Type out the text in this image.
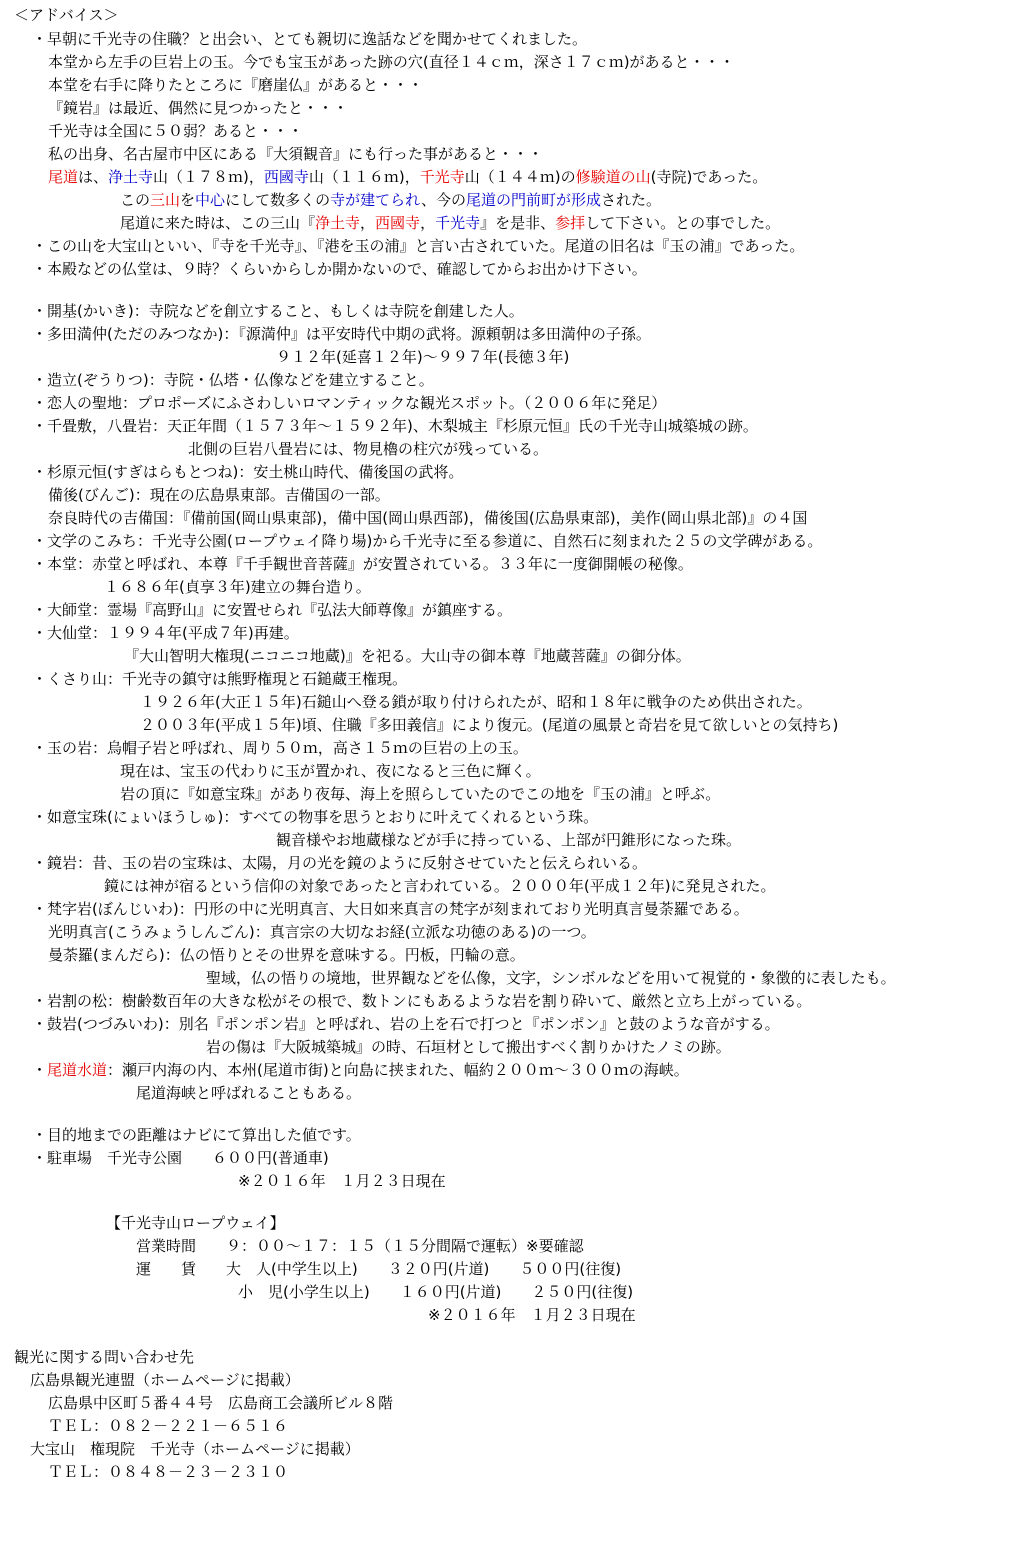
＜アドバイス＞
・早朝に千光寺の住職？と出会い、とても親切に逸話などを聞かせてくれました。
本堂から左手の巨岩上の玉。今でも宝玉があった跡の穴(直径１４ｃｍ，深さ１７ｃｍ)があると・・・
本堂を右手に降りたところに『磨崖仏』があると・・・
『鏡岩』は最近、偶然に見つかったと・・・
千光寺は全国に５０弱？あると・・・
私の出身、名古屋市中区にある『大須観音』にも行った事があると・・・
尾道は、浄土寺山（１７８ｍ)，西國寺山（１１６ｍ)，千光寺山（１４４ｍ)の修験道の山(寺院)であった。
この三山を中心にして数多くの寺が建てられ、今の尾道の門前町が形成された。
尾道に来た時は、この三山『浄土寺，西國寺，千光寺』を是非、参拝して下さい。との事でした。
・この山を大宝山といい、『寺を千光寺』、『港を玉の浦』と言い古されていた。尾道の旧名は『玉の浦』であった。
・本殿などの仏堂は、９時？くらいからしか開かないので、確認してからお出かけ下さい。
・開基(かいき)：寺院などを創立すること、もしくは寺院を創建した人。
・多田満仲(ただのみつなか)：『源満仲』は平安時代中期の武将。源頼朝は多田満仲の子孫。
９１２年(延喜１２年)～９９７年(長徳３年)
・造立(ぞうりつ)：寺院・仏塔・仏像などを建立すること。
・恋人の聖地：プロポーズにふさわしいロマンティックな観光スポット。（２００６年に発足）
・千畳敷，八畳岩：天正年間（１５７３年～１５９２年)、木梨城主『杉原元恒』氏の千光寺山城築城の跡。
北側の巨岩八畳岩には、物見櫓の柱穴が残っている。
・杉原元恒(すぎはらもとつね)：安土桃山時代、備後国の武将。
備後(びんご)：現在の広島県東部。吉備国の一部。
奈良時代の吉備国：『備前国(岡山県東部)，備中国(岡山県西部)，備後国(広島県東部)，美作(岡山県北部)』の４国
・文学のこみち：千光寺公園(ロープウェイ降り場)から千光寺に至る参道に、自然石に刻まれた２５の文学碑がある。
・本堂：赤堂と呼ばれ、本尊『千手観世音菩薩』が安置されている。３３年に一度御開帳の秘像。
１６８６年(貞享３年)建立の舞台造り。
・大師堂：霊場『高野山』に安置せられ『弘法大師尊像』が鎮座する。
・大仙堂：１９９４年(平成７年)再建。
『大山智明大権現(ニコニコ地蔵)』を祀る。大山寺の御本尊『地蔵菩薩』の御分体。
・くさり山：千光寺の鎮守は熊野権現と石鎚蔵王権現。
１９２６年(大正１５年)石鎚山へ登る鎖が取り付けられたが、昭和１８年に戦争のため供出された。
２００３年(平成１５年)頃、住職『多田義信』により復元。(尾道の風景と奇岩を見て欲しいとの気持ち)
・玉の岩：烏帽子岩と呼ばれ、周り５０ｍ，高さ１５ｍの巨岩の上の玉。
現在は、宝玉の代わりに玉が置かれ、夜になると三色に輝く。
岩の頂に『如意宝珠』があり夜毎、海上を照らしていたのでこの地を『玉の浦』と呼ぶ。
・如意宝珠(にょいほうしゅ)：すべての物事を思うとおりに叶えてくれるという珠。
観音様やお地蔵様などが手に持っている、上部が円錐形になった珠。
・鏡岩：昔、玉の岩の宝珠は、太陽，月の光を鏡のように反射させていたと伝えられいる。
鏡には神が宿るという信仰の対象であったと言われている。２０００年(平成１２年)に発見された。
・梵字岩(ぼんじいわ)：円形の中に光明真言、大日如来真言の梵字が刻まれており光明真言曼荼羅である。
光明真言(こうみょうしんごん)：真言宗の大切なお経(立派な功徳のある)の一つ。
曼荼羅(まんだら)：仏の悟りとその世界を意味する。円板，円輪の意。
聖域，仏の悟りの境地，世界観などを仏像，文字，シンボルなどを用いて視覚的・象徴的に表したも。
・岩割の松：樹齢数百年の大きな松がその根で、数トンにもあるような岩を割り砕いて、厳然と立ち上がっている。
・鼓岩(つづみいわ)：別名『ポンポン岩』と呼ばれ、岩の上を石で打つと『ポンポン』と鼓のような音がする。
岩の傷は『大阪城築城』の時、石垣材として搬出すべく割りかけたノミの跡。
・尾道水道：瀬戸内海の内、本州(尾道市街)と向島に挟まれた、幅約２００ｍ～３００ｍの海峡。
尾道海峡と呼ばれることもある。
・目的地までの距離はナビにて算出した値です。
・駐車場　千光寺公園　　６００円(普通車)
※２０１６年　１月２３日現在
【千光寺山ロープウェイ】
営業時間　　９：００～１７：１５（１５分間隔で運転）※要確認
運　　賃　　大　人(中学生以上)　　３２０円(片道)　　５００円(往復)
小　児(小学生以上)　　１６０円(片道)　　２５０円(往復)
※２０１６年　１月２３日現在
観光に関する問い合わせ先
広島県観光連盟（ホームページに掲載）
広島県中区町５番４４号　広島商工会議所ビル８階
ＴＥＬ：０８２－２２１－６５１６
大宝山　権現院　千光寺（ホームページに掲載）
ＴＥＬ：０８４８－２３－２３１０
